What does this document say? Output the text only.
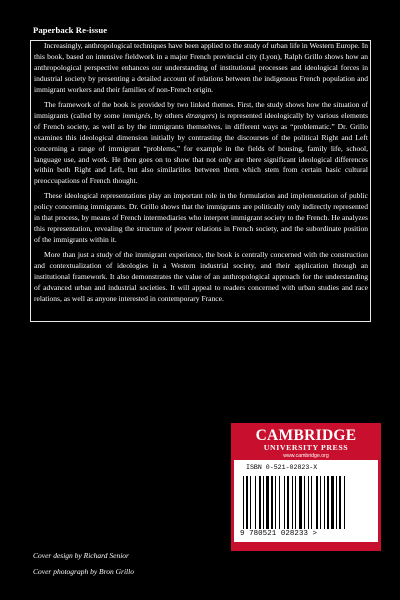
Paperback Re-issue

Increasingly, anthropological techniques have been applied to the study of urban life in Western Europe. In this book, based on intensive fieldwork in a major French provincial city (Lyon), Ralph Grillo shows how an anthropological perspective enhances our understanding of institutional processes and ideological forces in industrial society by presenting a detailed account of relations between the indigenous French population and immigrant workers and their families of non-French origin.

The framework of the book is provided by two linked themes. First, the study shows how the situation of immigrants (called by some immigrés, by others étrangers) is represented ideologically by various elements of French society, as well as by the immigrants themselves, in different ways as “problematic.” Dr. Grillo examines this ideological dimension initially by contrasting the discourses of the political Right and Left concerning a range of immigrant “problems,” for example in the fields of housing, family life, school, language use, and work. He then goes on to show that not only are there significant ideological differences within both Right and Left, but also similarities between them which stem from certain basic cultural preoccupations of French thought.

These ideological representations play an important role in the formulation and implementation of public policy concerning immigrants. Dr. Grillo shows that the immigrants are politically only indirectly represented in that process, by means of French intermediaries who interpret immigrant society to the French. He analyzes this representation, revealing the structure of power relations in French society, and the subordinate position of the immigrants within it.

More than just a study of the immigrant experience, the book is centrally concerned with the construction and contextualization of ideologies in a Western industrial society, and their application through an institutional framework. It also demonstrates the value of an anthropological approach for the understanding of advanced urban and industrial societies. It will appeal to readers concerned with urban studies and race relations, as well as anyone interested in contemporary France.

CAMBRIDGE
UNIVERSITY PRESS
www.cambridge.org
ISBN 0-521-02823-X
9 780521 028233 >
Cover design by Richard Senior
Cover photograph by Bron Grillo
